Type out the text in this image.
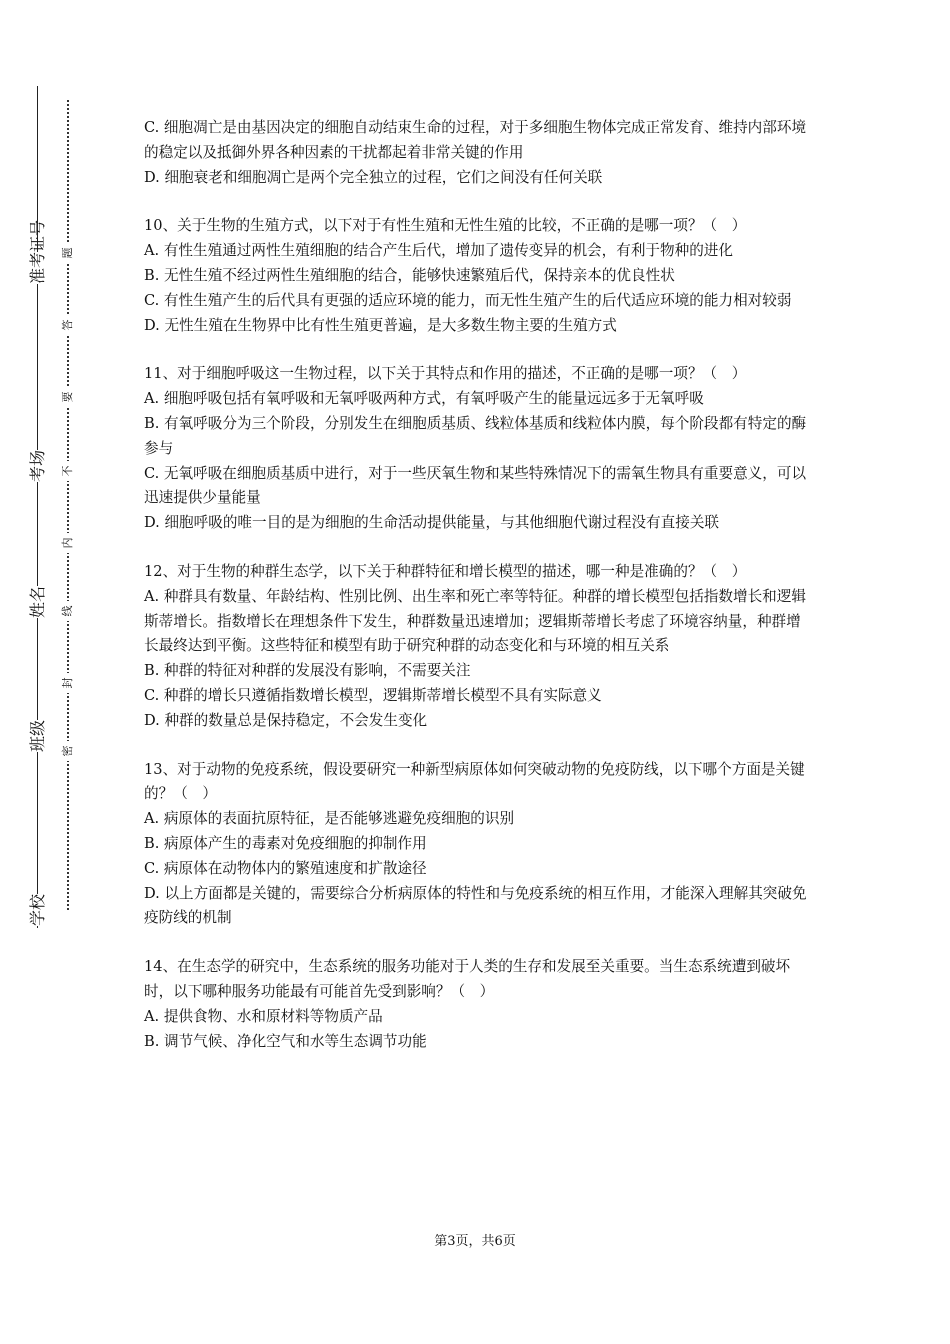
准考证号
考场
姓名
班级
学校
密
封
线
内
不
要
答
题
C. 细胞凋亡是由基因决定的细胞自动结束生命的过程，对于多细胞生物体完成正常发育、维持内部环境的稳定以及抵御外界各种因素的干扰都起着非常关键的作用
D. 细胞衰老和细胞凋亡是两个完全独立的过程，它们之间没有任何关联
10、关于生物的生殖方式，以下对于有性生殖和无性生殖的比较，不正确的是哪一项？（　）
A. 有性生殖通过两性生殖细胞的结合产生后代，增加了遗传变异的机会，有利于物种的进化
B. 无性生殖不经过两性生殖细胞的结合，能够快速繁殖后代，保持亲本的优良性状
C. 有性生殖产生的后代具有更强的适应环境的能力，而无性生殖产生的后代适应环境的能力相对较弱
D. 无性生殖在生物界中比有性生殖更普遍，是大多数生物主要的生殖方式
11、对于细胞呼吸这一生物过程，以下关于其特点和作用的描述，不正确的是哪一项？（　）
A. 细胞呼吸包括有氧呼吸和无氧呼吸两种方式，有氧呼吸产生的能量远远多于无氧呼吸
B. 有氧呼吸分为三个阶段，分别发生在细胞质基质、线粒体基质和线粒体内膜，每个阶段都有特定的酶参与
C. 无氧呼吸在细胞质基质中进行，对于一些厌氧生物和某些特殊情况下的需氧生物具有重要意义，可以迅速提供少量能量
D. 细胞呼吸的唯一目的是为细胞的生命活动提供能量，与其他细胞代谢过程没有直接关联
12、对于生物的种群生态学，以下关于种群特征和增长模型的描述，哪一种是准确的？（　）
A. 种群具有数量、年龄结构、性别比例、出生率和死亡率等特征。种群的增长模型包括指数增长和逻辑斯蒂增长。指数增长在理想条件下发生，种群数量迅速增加；逻辑斯蒂增长考虑了环境容纳量，种群增长最终达到平衡。这些特征和模型有助于研究种群的动态变化和与环境的相互关系
B. 种群的特征对种群的发展没有影响，不需要关注
C. 种群的增长只遵循指数增长模型，逻辑斯蒂增长模型不具有实际意义
D. 种群的数量总是保持稳定，不会发生变化
13、对于动物的免疫系统，假设要研究一种新型病原体如何突破动物的免疫防线，以下哪个方面是关键的？（　）
A. 病原体的表面抗原特征，是否能够逃避免疫细胞的识别
B. 病原体产生的毒素对免疫细胞的抑制作用
C. 病原体在动物体内的繁殖速度和扩散途径
D. 以上方面都是关键的，需要综合分析病原体的特性和与免疫系统的相互作用，才能深入理解其突破免疫防线的机制
14、在生态学的研究中，生态系统的服务功能对于人类的生存和发展至关重要。当生态系统遭到破坏时，以下哪种服务功能最有可能首先受到影响？（　）
A. 提供食物、水和原材料等物质产品
B. 调节气候、净化空气和水等生态调节功能
第3页，共6页
